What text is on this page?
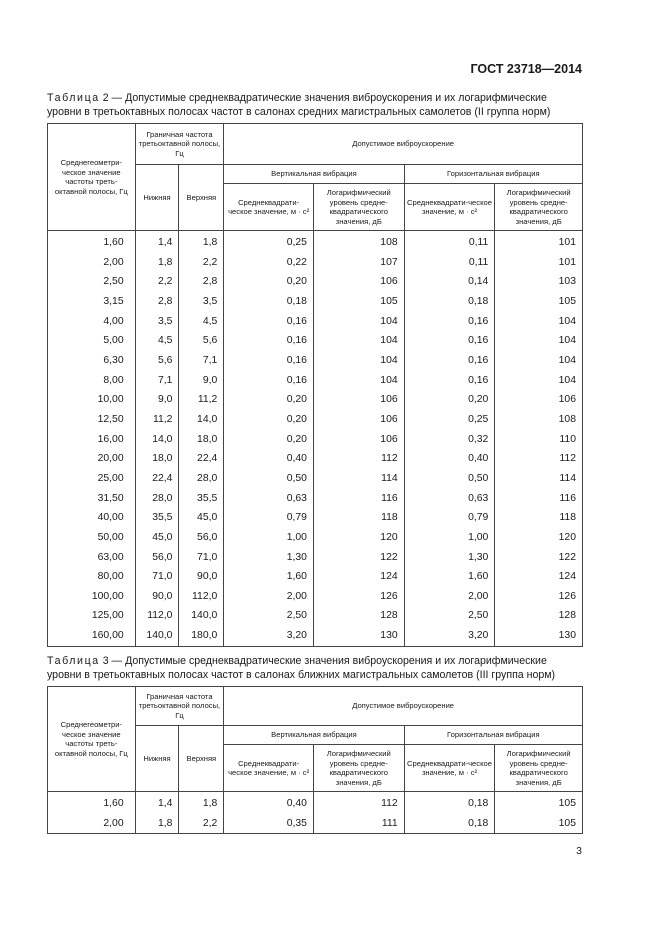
ГОСТ 23718—2014
Таблица 2 — Допустимые среднеквадратические значения виброускорения и их логарифмические уровни в третьоктавных полосах частот в салонах средних магистральных самолетов (II группа норм)
Среднегеометри-ческое значение частоты треть-октавной полосы, Гц	Граничная частота третьоктавной полосы, Гц		Допустимое виброускорение			
	Нижняя	Верхняя	Вертикальная вибрация		Горизонтальная вибрация	
			Среднеквадрати-ческое значение, м · с²	Логарифмический уровень средне-квадратического значения, дБ	Среднеквадрати-ческое значение, м · с²	Логарифмический уровень средне-квадратического значения, дБ
1,60	1,4	1,8	0,25	108	0,11	101
2,00	1,8	2,2	0,22	107	0,11	101
2,50	2,2	2,8	0,20	106	0,14	103
3,15	2,8	3,5	0,18	105	0,18	105
4,00	3,5	4,5	0,16	104	0,16	104
5,00	4,5	5,6	0,16	104	0,16	104
6,30	5,6	7,1	0,16	104	0,16	104
8,00	7,1	9,0	0,16	104	0,16	104
10,00	9,0	11,2	0,20	106	0,20	106
12,50	11,2	14,0	0,20	106	0,25	108
16,00	14,0	18,0	0,20	106	0,32	110
20,00	18,0	22,4	0,40	112	0,40	112
25,00	22,4	28,0	0,50	114	0,50	114
31,50	28,0	35,5	0,63	116	0,63	116
40,00	35,5	45,0	0,79	118	0,79	118
50,00	45,0	56,0	1,00	120	1,00	120
63,00	56,0	71,0	1,30	122	1,30	122
80,00	71,0	90,0	1,60	124	1,60	124
100,00	90,0	112,0	2,00	126	2,00	126
125,00	112,0	140,0	2,50	128	2,50	128
160,00	140,0	180,0	3,20	130	3,20	130
Таблица 3 — Допустимые среднеквадратические значения виброускорения и их логарифмические уровни в третьоктавных полосах частот в салонах ближних магистральных самолетов (III группа норм)
Среднегеометри-ческое значение частоты треть-октавной полосы, Гц	Граничная частота третьоктавной полосы, Гц		Допустимое виброускорение			
	Нижняя	Верхняя	Вертикальная вибрация		Горизонтальная вибрация	
			Среднеквадрати-ческое значение, м · с²	Логарифмический уровень средне-квадратического значения, дБ	Среднеквадрати-ческое значение, м · с²	Логарифмический уровень средне-квадратического значения, дБ
1,60	1,4	1,8	0,40	112	0,18	105
2,00	1,8	2,2	0,35	111	0,18	105
3
